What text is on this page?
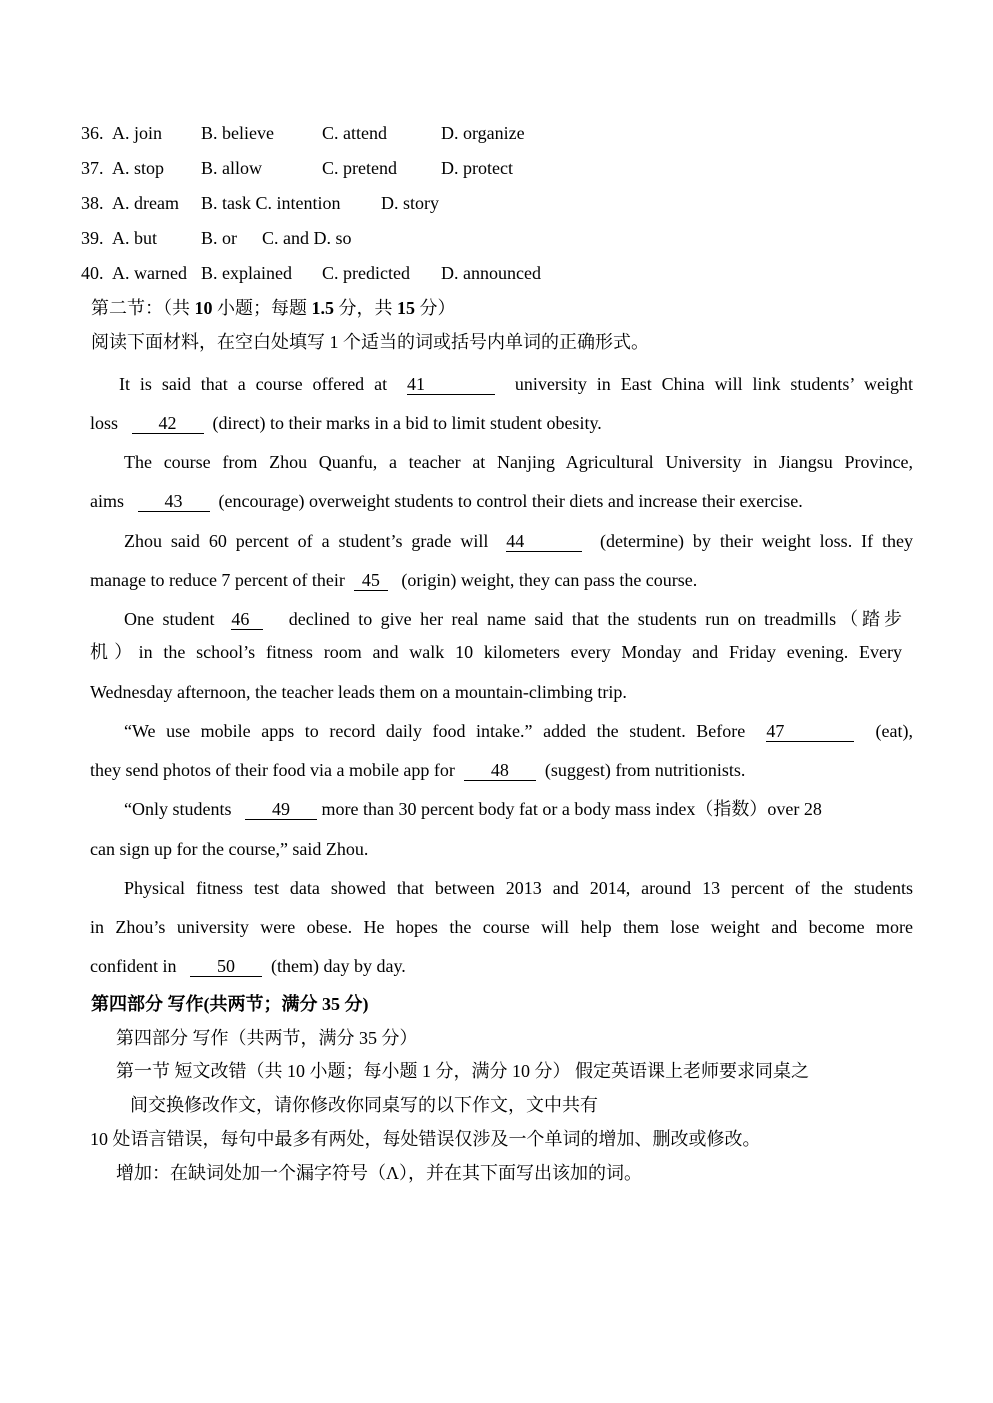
36. A. join B. believe	C. attend	D. organize
37. A. stop B. allow	C. pretend D. protect
38. A. dream B. task C. intention D. story
39. A. but B. or C. and D. so
40. A. warned B. explained C. predicted D. announced
第二节：（共 10 小题；每题 1.5 分，共 15 分）
阅读下面材料，在空白处填写 1 个适当的词或括号内单词的正确形式。
It is said that a course offered at 41	university in East China will link students’ weight
loss 42 (direct) to their marks in a bid to limit student obesity.
The course from Zhou Quanfu, a teacher at Nanjing Agricultural University in Jiangsu Province,
aims 43 (encourage) overweight students to control their diets and increase their exercise.
Zhou said 60 percent of a student’s grade will 44	(determine) by their weight loss. If they
manage to reduce 7 percent of their 45 (origin) weight, they can pass the course.
One student 46 declined to give her real name said that the students run on treadmills（踏步
机）in the school’s fitness room and walk 10 kilometers every Monday and Friday evening. Every
Wednesday afternoon, the teacher leads them on a mountain-climbing trip.
“We use mobile apps to record daily food intake.” added the student. Before 47	(eat),
they send photos of their food via a mobile app for 48 (suggest) from nutritionists.
“Only students 49 more than 30 percent body fat or a body mass index（指数）over 28
can sign up for the course,” said Zhou.
Physical fitness test data showed that between 2013 and 2014, around 13 percent of the students
in Zhou’s university were obese. He hopes the course will help them lose weight and become more
confident in 50 (them) day by day.
第四部分 写作(共两节；满分 35 分)
第四部分 写作（共两节，满分 35 分）
第一节 短文改错（共 10 小题；每小题 1 分，满分 10 分） 假定英语课上老师要求同桌之
间交换修改作文，请你修改你同桌写的以下作文，文中共有
10 处语言错误，每句中最多有两处，每处错误仅涉及一个单词的增加、删改或修改。
增加：在缺词处加一个漏字符号（Λ），并在其下面写出该加的词。
